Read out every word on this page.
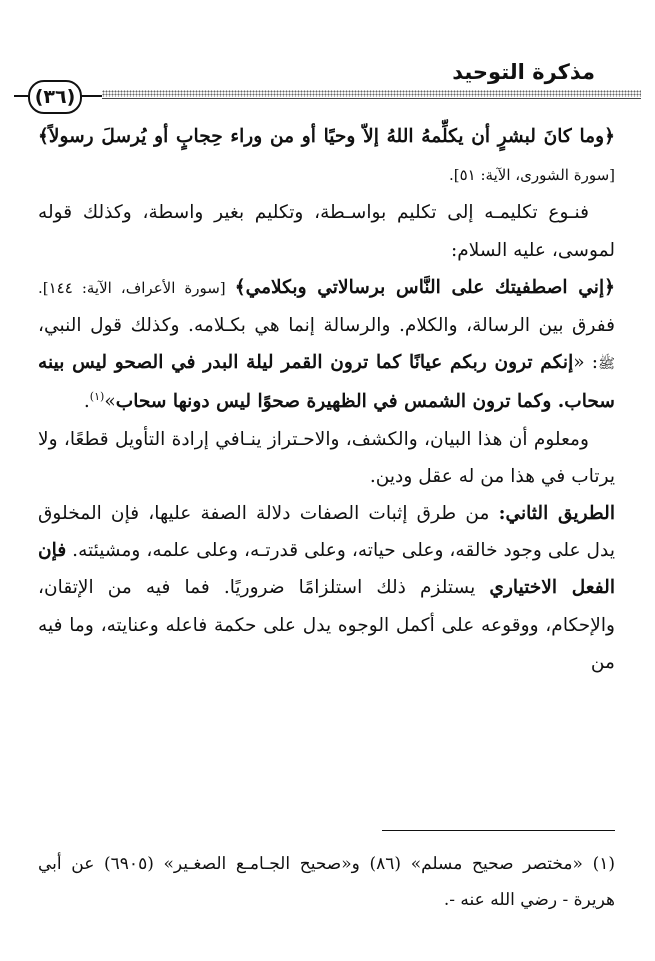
مذكرة التوحيد
(٣٦)

﴿وما كانَ لبشرٍ أن يكلِّمهُ اللهُ إلاّ وحيًا أو من وراء حِجابٍ أو يُرسلَ رسولاً﴾ [سورة الشورى، الآية: ٥١].

فنـوع تكليمـه إلى تكليم بواسـطة، وتكليم بغير واسطة، وكذلك قوله لموسى، عليه السلام:

﴿إني اصطفيتك على النَّاس برسالاتي وبكلامي﴾ [سورة الأعراف، الآية: ١٤٤]. ففرق بين الرسالة، والكلام. والرسالة إنما هي بكـلامه. وكذلك قول النبي، ﷺ: «إنكم ترون ربكم عيانًا كما ترون القمر ليلة البدر في الصحو ليس بينه سحاب. وكما ترون الشمس في الظهيرة صحوًا ليس دونها سحاب»$^{(١)}$.

ومعلوم أن هذا البيان، والكشف، والاحـتراز ينـافي إرادة التأويل قطعًا، ولا يرتاب في هذا من له عقل ودين.

الطريق الثاني: من طرق إثبات الصفات دلالة الصفة عليها، فإن المخلوق يدل على وجود خالقه، وعلى حياته، وعلى قدرتـه، وعلى علمه، ومشيئته. فإن الفعل الاختياري يستلزم ذلك استلزامًا ضروريًا. فما فيه من الإتقان، والإحكام، ووقوعه على أكمل الوجوه يدل على حكمة فاعله وعنايته، وما فيه من

(١) «مختصر صحيح مسلم» (٨٦) و«صحيح الجـامـع الصغـير» (٦٩٠٥) عن أبي هريرة - رضي الله عنه -.
